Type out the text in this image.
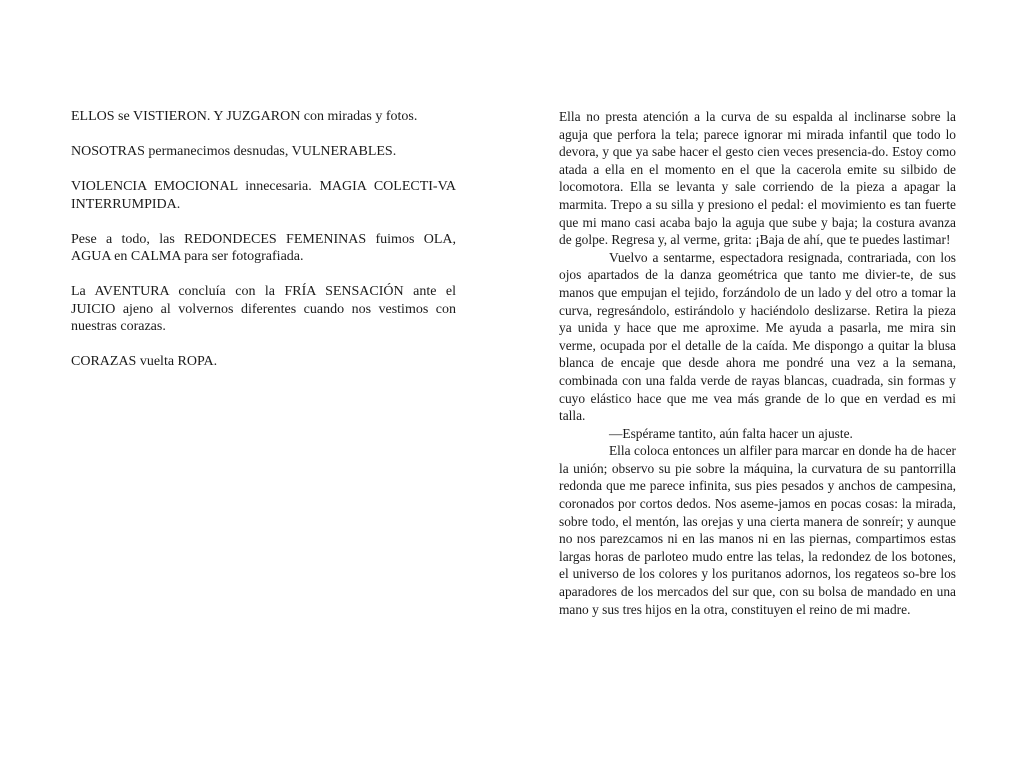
ELLOS se VISTIERON. Y JUZGARON con miradas y fotos.

NOSOTRAS permanecimos desnudas, VULNERABLES.

VIOLENCIA EMOCIONAL innecesaria. MAGIA COLECTI-VA INTERRUMPIDA.

Pese a todo, las REDONDECES FEMENINAS fuimos OLA, AGUA en CALMA para ser fotografiada.

La AVENTURA concluía con la FRÍA SENSACIÓN ante el JUICIO ajeno al volvernos diferentes cuando nos vestimos con nuestras corazas.

CORAZAS vuelta ROPA.

Ella no presta atención a la curva de su espalda al inclinarse sobre la aguja que perfora la tela; parece ignorar mi mirada infantil que todo lo devora, y que ya sabe hacer el gesto cien veces presencia-do. Estoy como atada a ella en el momento en el que la cacerola emite su silbido de locomotora. Ella se levanta y sale corriendo de la pieza a apagar la marmita. Trepo a su silla y presiono el pedal: el movimiento es tan fuerte que mi mano casi acaba bajo la aguja que sube y baja; la costura avanza de golpe. Regresa y, al verme, grita: ¡Baja de ahí, que te puedes lastimar!

Vuelvo a sentarme, espectadora resignada, contrariada, con los ojos apartados de la danza geométrica que tanto me divier-te, de sus manos que empujan el tejido, forzándolo de un lado y del otro a tomar la curva, regresándolo, estirándolo y haciéndolo deslizarse. Retira la pieza ya unida y hace que me aproxime. Me ayuda a pasarla, me mira sin verme, ocupada por el detalle de la caída. Me dispongo a quitar la blusa blanca de encaje que desde ahora me pondré una vez a la semana, combinada con una falda verde de rayas blancas, cuadrada, sin formas y cuyo elástico hace que me vea más grande de lo que en verdad es mi talla.

—Espérame tantito, aún falta hacer un ajuste.

Ella coloca entonces un alfiler para marcar en donde ha de hacer la unión; observo su pie sobre la máquina, la curvatura de su pantorrilla redonda que me parece infinita, sus pies pesados y anchos de campesina, coronados por cortos dedos. Nos aseme-jamos en pocas cosas: la mirada, sobre todo, el mentón, las orejas y una cierta manera de sonreír; y aunque no nos parezcamos ni en las manos ni en las piernas, compartimos estas largas horas de parloteo mudo entre las telas, la redondez de los botones, el universo de los colores y los puritanos adornos, los regateos so-bre los aparadores de los mercados del sur que, con su bolsa de mandado en una mano y sus tres hijos en la otra, constituyen el reino de mi madre.
